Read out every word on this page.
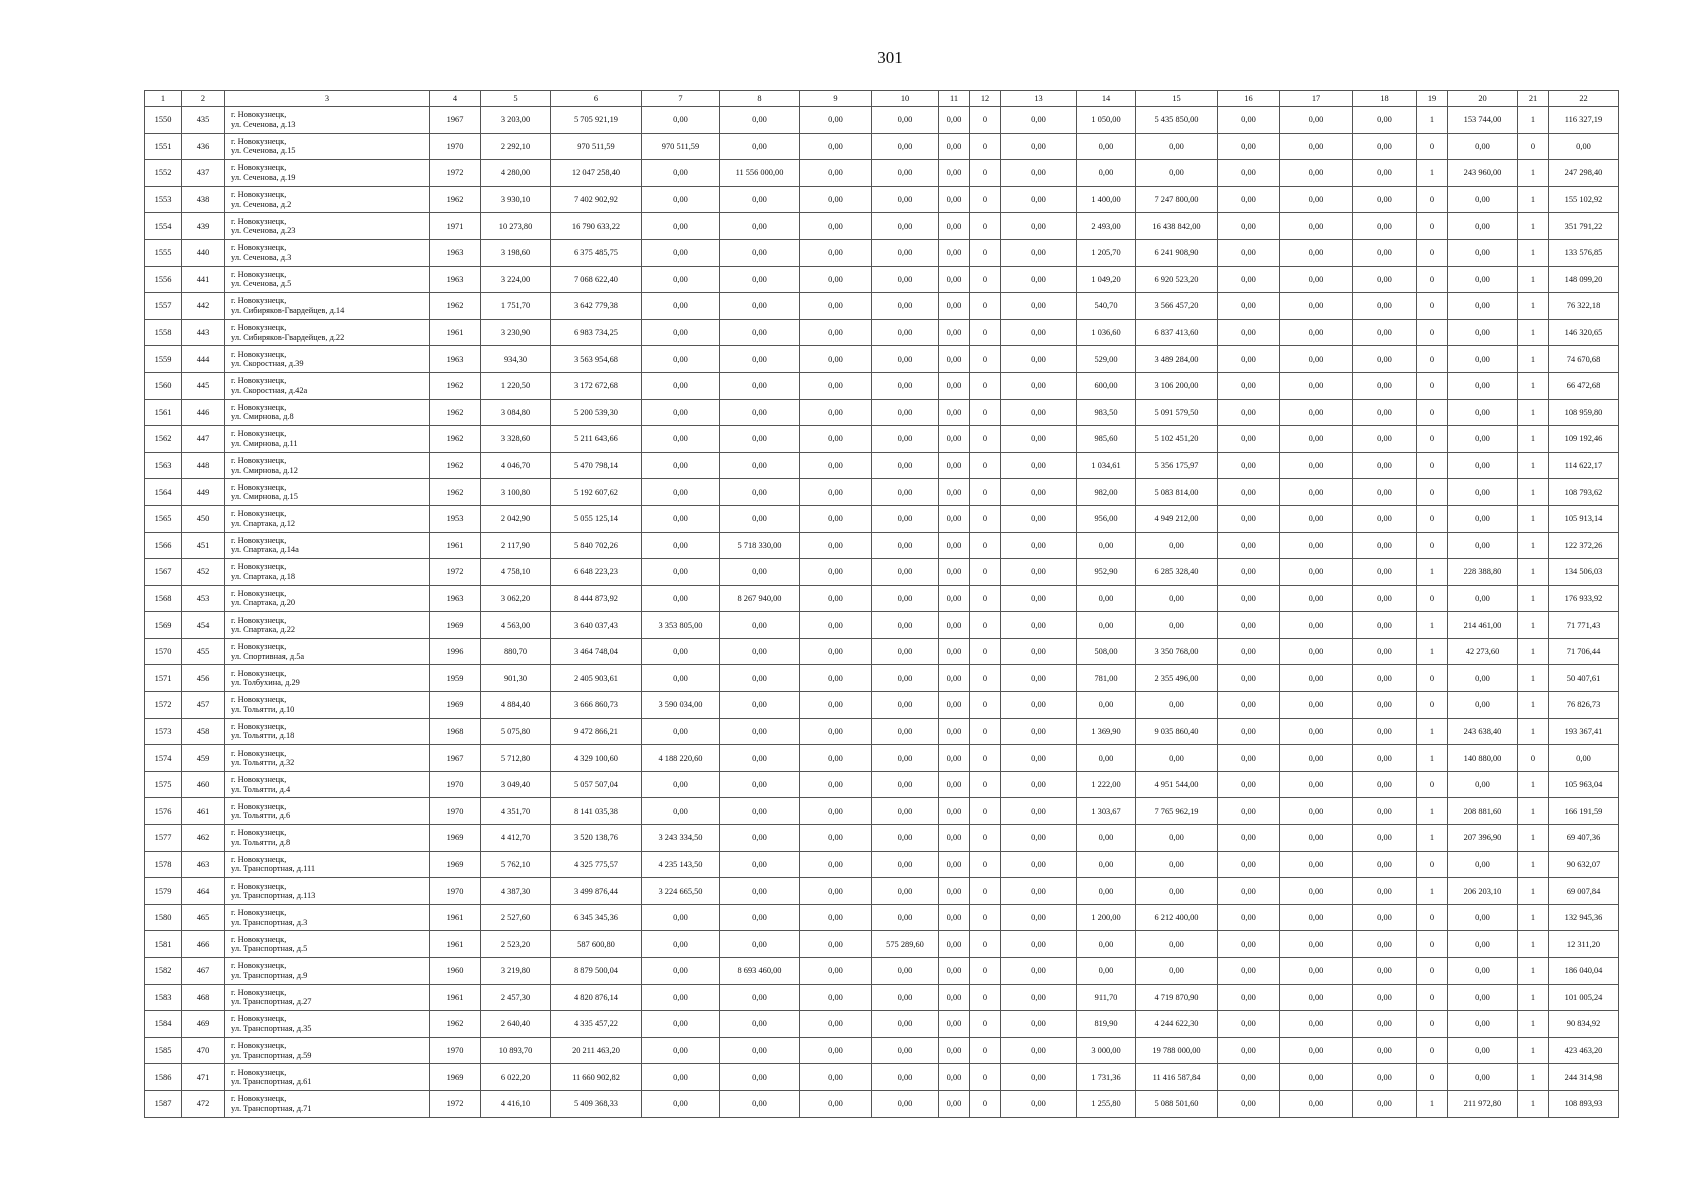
301
1	2	3	4	5	6	7	8	9	10	11	12	13	14	15	16	17	18	19	20	21	22
1550	435	г. Новокузнецк,
ул. Сеченова, д.13	1967	3 203,00	5 705 921,19	0,00	0,00	0,00	0,00	0,00	0	0,00	1 050,00	5 435 850,00	0,00	0,00	0,00	1	153 744,00	1	116 327,19
1551	436	г. Новокузнецк,
ул. Сеченова, д.15	1970	2 292,10	970 511,59	970 511,59	0,00	0,00	0,00	0,00	0	0,00	0,00	0,00	0,00	0,00	0,00	0	0,00	0	0,00
1552	437	г. Новокузнецк,
ул. Сеченова, д.19	1972	4 280,00	12 047 258,40	0,00	11 556 000,00	0,00	0,00	0,00	0	0,00	0,00	0,00	0,00	0,00	0,00	1	243 960,00	1	247 298,40
1553	438	г. Новокузнецк,
ул. Сеченова, д.2	1962	3 930,10	7 402 902,92	0,00	0,00	0,00	0,00	0,00	0	0,00	1 400,00	7 247 800,00	0,00	0,00	0,00	0	0,00	1	155 102,92
1554	439	г. Новокузнецк,
ул. Сеченова, д.23	1971	10 273,80	16 790 633,22	0,00	0,00	0,00	0,00	0,00	0	0,00	2 493,00	16 438 842,00	0,00	0,00	0,00	0	0,00	1	351 791,22
1555	440	г. Новокузнецк,
ул. Сеченова, д.3	1963	3 198,60	6 375 485,75	0,00	0,00	0,00	0,00	0,00	0	0,00	1 205,70	6 241 908,90	0,00	0,00	0,00	0	0,00	1	133 576,85
1556	441	г. Новокузнецк,
ул. Сеченова, д.5	1963	3 224,00	7 068 622,40	0,00	0,00	0,00	0,00	0,00	0	0,00	1 049,20	6 920 523,20	0,00	0,00	0,00	0	0,00	1	148 099,20
1557	442	г. Новокузнецк,
ул. Сибиряков-Гвардейцев, д.14	1962	1 751,70	3 642 779,38	0,00	0,00	0,00	0,00	0,00	0	0,00	540,70	3 566 457,20	0,00	0,00	0,00	0	0,00	1	76 322,18
1558	443	г. Новокузнецк,
ул. Сибиряков-Гвардейцев, д.22	1961	3 230,90	6 983 734,25	0,00	0,00	0,00	0,00	0,00	0	0,00	1 036,60	6 837 413,60	0,00	0,00	0,00	0	0,00	1	146 320,65
1559	444	г. Новокузнецк,
ул. Скоростная, д.39	1963	934,30	3 563 954,68	0,00	0,00	0,00	0,00	0,00	0	0,00	529,00	3 489 284,00	0,00	0,00	0,00	0	0,00	1	74 670,68
1560	445	г. Новокузнецк,
ул. Скоростная, д.42а	1962	1 220,50	3 172 672,68	0,00	0,00	0,00	0,00	0,00	0	0,00	600,00	3 106 200,00	0,00	0,00	0,00	0	0,00	1	66 472,68
1561	446	г. Новокузнецк,
ул. Смирнова, д.8	1962	3 084,80	5 200 539,30	0,00	0,00	0,00	0,00	0,00	0	0,00	983,50	5 091 579,50	0,00	0,00	0,00	0	0,00	1	108 959,80
1562	447	г. Новокузнецк,
ул. Смирнова, д.11	1962	3 328,60	5 211 643,66	0,00	0,00	0,00	0,00	0,00	0	0,00	985,60	5 102 451,20	0,00	0,00	0,00	0	0,00	1	109 192,46
1563	448	г. Новокузнецк,
ул. Смирнова, д.12	1962	4 046,70	5 470 798,14	0,00	0,00	0,00	0,00	0,00	0	0,00	1 034,61	5 356 175,97	0,00	0,00	0,00	0	0,00	1	114 622,17
1564	449	г. Новокузнецк,
ул. Смирнова, д.15	1962	3 100,80	5 192 607,62	0,00	0,00	0,00	0,00	0,00	0	0,00	982,00	5 083 814,00	0,00	0,00	0,00	0	0,00	1	108 793,62
1565	450	г. Новокузнецк,
ул. Спартака, д.12	1953	2 042,90	5 055 125,14	0,00	0,00	0,00	0,00	0,00	0	0,00	956,00	4 949 212,00	0,00	0,00	0,00	0	0,00	1	105 913,14
1566	451	г. Новокузнецк,
ул. Спартака, д.14а	1961	2 117,90	5 840 702,26	0,00	5 718 330,00	0,00	0,00	0,00	0	0,00	0,00	0,00	0,00	0,00	0,00	0	0,00	1	122 372,26
1567	452	г. Новокузнецк,
ул. Спартака, д.18	1972	4 758,10	6 648 223,23	0,00	0,00	0,00	0,00	0,00	0	0,00	952,90	6 285 328,40	0,00	0,00	0,00	1	228 388,80	1	134 506,03
1568	453	г. Новокузнецк,
ул. Спартака, д.20	1963	3 062,20	8 444 873,92	0,00	8 267 940,00	0,00	0,00	0,00	0	0,00	0,00	0,00	0,00	0,00	0,00	0	0,00	1	176 933,92
1569	454	г. Новокузнецк,
ул. Спартака, д.22	1969	4 563,00	3 640 037,43	3 353 805,00	0,00	0,00	0,00	0,00	0	0,00	0,00	0,00	0,00	0,00	0,00	1	214 461,00	1	71 771,43
1570	455	г. Новокузнецк,
ул. Спортивная, д.5а	1996	880,70	3 464 748,04	0,00	0,00	0,00	0,00	0,00	0	0,00	508,00	3 350 768,00	0,00	0,00	0,00	1	42 273,60	1	71 706,44
1571	456	г. Новокузнецк,
ул. Толбухина, д.29	1959	901,30	2 405 903,61	0,00	0,00	0,00	0,00	0,00	0	0,00	781,00	2 355 496,00	0,00	0,00	0,00	0	0,00	1	50 407,61
1572	457	г. Новокузнецк,
ул. Тольятти, д.10	1969	4 884,40	3 666 860,73	3 590 034,00	0,00	0,00	0,00	0,00	0	0,00	0,00	0,00	0,00	0,00	0,00	0	0,00	1	76 826,73
1573	458	г. Новокузнецк,
ул. Тольятти, д.18	1968	5 075,80	9 472 866,21	0,00	0,00	0,00	0,00	0,00	0	0,00	1 369,90	9 035 860,40	0,00	0,00	0,00	1	243 638,40	1	193 367,41
1574	459	г. Новокузнецк,
ул. Тольятти, д.32	1967	5 712,80	4 329 100,60	4 188 220,60	0,00	0,00	0,00	0,00	0	0,00	0,00	0,00	0,00	0,00	0,00	1	140 880,00	0	0,00
1575	460	г. Новокузнецк,
ул. Тольятти, д.4	1970	3 049,40	5 057 507,04	0,00	0,00	0,00	0,00	0,00	0	0,00	1 222,00	4 951 544,00	0,00	0,00	0,00	0	0,00	1	105 963,04
1576	461	г. Новокузнецк,
ул. Тольятти, д.6	1970	4 351,70	8 141 035,38	0,00	0,00	0,00	0,00	0,00	0	0,00	1 303,67	7 765 962,19	0,00	0,00	0,00	1	208 881,60	1	166 191,59
1577	462	г. Новокузнецк,
ул. Тольятти, д.8	1969	4 412,70	3 520 138,76	3 243 334,50	0,00	0,00	0,00	0,00	0	0,00	0,00	0,00	0,00	0,00	0,00	1	207 396,90	1	69 407,36
1578	463	г. Новокузнецк,
ул. Транспортная, д.111	1969	5 762,10	4 325 775,57	4 235 143,50	0,00	0,00	0,00	0,00	0	0,00	0,00	0,00	0,00	0,00	0,00	0	0,00	1	90 632,07
1579	464	г. Новокузнецк,
ул. Транспортная, д.113	1970	4 387,30	3 499 876,44	3 224 665,50	0,00	0,00	0,00	0,00	0	0,00	0,00	0,00	0,00	0,00	0,00	1	206 203,10	1	69 007,84
1580	465	г. Новокузнецк,
ул. Транспортная, д.3	1961	2 527,60	6 345 345,36	0,00	0,00	0,00	0,00	0,00	0	0,00	1 200,00	6 212 400,00	0,00	0,00	0,00	0	0,00	1	132 945,36
1581	466	г. Новокузнецк,
ул. Транспортная, д.5	1961	2 523,20	587 600,80	0,00	0,00	0,00	575 289,60	0,00	0	0,00	0,00	0,00	0,00	0,00	0,00	0	0,00	1	12 311,20
1582	467	г. Новокузнецк,
ул. Транспортная, д.9	1960	3 219,80	8 879 500,04	0,00	8 693 460,00	0,00	0,00	0,00	0	0,00	0,00	0,00	0,00	0,00	0,00	0	0,00	1	186 040,04
1583	468	г. Новокузнецк,
ул. Транспортная, д.27	1961	2 457,30	4 820 876,14	0,00	0,00	0,00	0,00	0,00	0	0,00	911,70	4 719 870,90	0,00	0,00	0,00	0	0,00	1	101 005,24
1584	469	г. Новокузнецк,
ул. Транспортная, д.35	1962	2 640,40	4 335 457,22	0,00	0,00	0,00	0,00	0,00	0	0,00	819,90	4 244 622,30	0,00	0,00	0,00	0	0,00	1	90 834,92
1585	470	г. Новокузнецк,
ул. Транспортная, д.59	1970	10 893,70	20 211 463,20	0,00	0,00	0,00	0,00	0,00	0	0,00	3 000,00	19 788 000,00	0,00	0,00	0,00	0	0,00	1	423 463,20
1586	471	г. Новокузнецк,
ул. Транспортная, д.61	1969	6 022,20	11 660 902,82	0,00	0,00	0,00	0,00	0,00	0	0,00	1 731,36	11 416 587,84	0,00	0,00	0,00	0	0,00	1	244 314,98
1587	472	г. Новокузнецк,
ул. Транспортная, д.71	1972	4 416,10	5 409 368,33	0,00	0,00	0,00	0,00	0,00	0	0,00	1 255,80	5 088 501,60	0,00	0,00	0,00	1	211 972,80	1	108 893,93
